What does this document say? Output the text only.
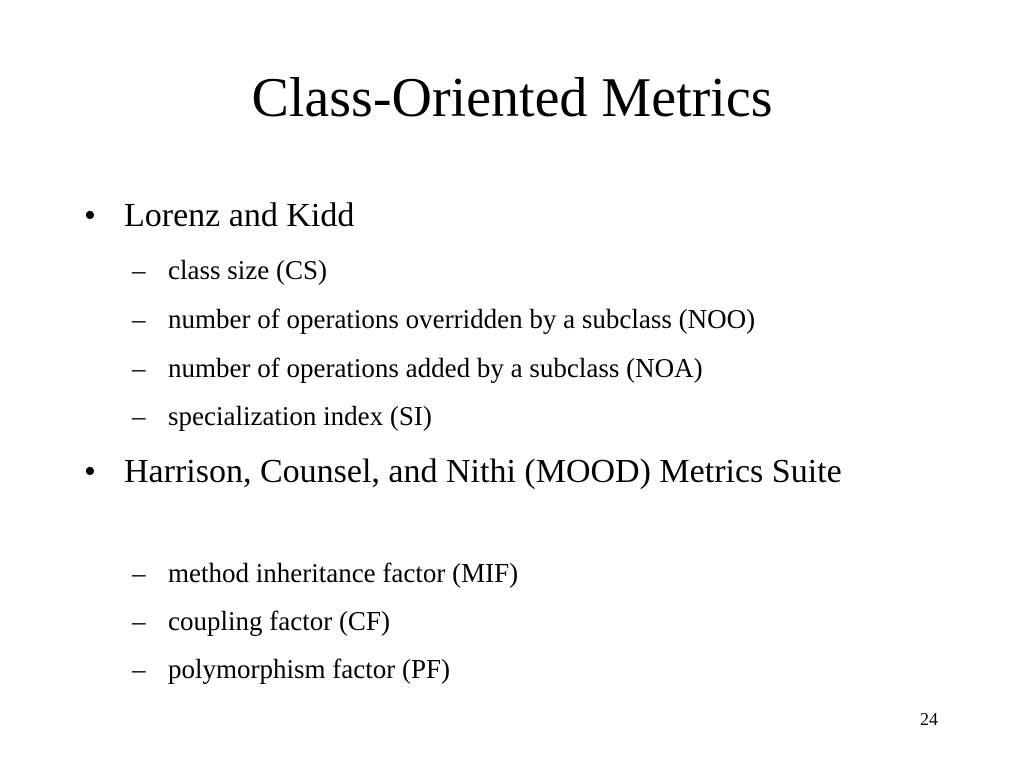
Class-Oriented Metrics
• Lorenz and Kidd
– class size (CS)
– number of operations overridden by a subclass (NOO)
– number of operations added by a subclass (NOA)
– specialization index (SI)
• Harrison, Counsel, and Nithi (MOOD) Metrics Suite
– method inheritance factor (MIF)
– coupling factor (CF)
– polymorphism factor (PF)
24
